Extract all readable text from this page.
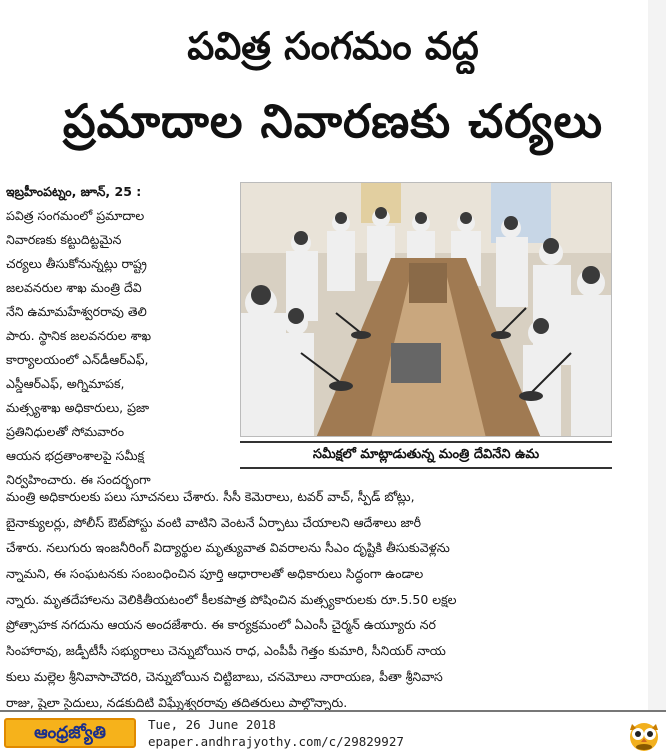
పవిత్ర సంగమం వద్ద
ప్రమాదాల నివారణకు చర్యలు
ఇబ్రహీంపట్నం, జూన్‌, 25 :
పవిత్ర సంగమంలో ప్రమాదాల
నివారణకు కట్టుదిట్టమైన
చర్యలు తీసుకోనున్నట్లు రాష్ట్ర
జలవనరుల శాఖ మంత్రి దేవి
నేని ఉమామహేశ్వరరావు తెలి
పారు. స్థానిక జలవనరుల శాఖ
కార్యాలయంలో ఎన్‌డీఆర్‌ఎఫ్‌,
ఎస్డీఆర్‌ఎఫ్‌, అగ్నిమాపక,
మత్స్యశాఖ అధికారులు, ప్రజా
ప్రతినిధులతో సోమవారం
ఆయన భద్రతాంశాలపై సమీక్ష
నిర్వహించారు. ఈ సందర్భంగా
సమీక్షలో మాట్లాడుతున్న మంత్రి దేవినేని ఉమ
మంత్రి అధికారులకు పలు సూచనలు చేశారు. సీసీ కెమెరాలు, టవర్‌ వాచ్‌, స్పీడ్‌ బోట్లు,
బైనాక్యులర్లు, పోలీస్‌ ఔట్‌పోస్టు వంటి వాటిని వెంటనే ఏర్పాటు చేయాలని ఆదేశాలు జారీ
చేశారు. నలుగురు ఇంజనీరింగ్‌ విద్యార్థుల మృత్యువాత వివరాలను సీఎం దృష్టికి తీసుకువెళ్లను
న్నామని, ఈ సంఘటనకు సంబంధించిన పూర్తి ఆధారాలతో అధికారులు సిద్ధంగా ఉండాల
న్నారు. మృతదేహాలను వెలికితీయటంలో కీలకపాత్ర పోషించిన మత్స్యకారులకు రూ.5.50 లక్షల
ప్రోత్సాహక నగదును ఆయన అందజేశారు. ఈ కార్యక్రమంలో ఏఎంసీ చైర్మన్‌ ఉయ్యూరు నర
సింహారావు, జడ్పీటీసీ సభ్యురాలు చెన్నుబోయిన రాధ, ఎంపీపీ గెత్తం కుమారి, సీనియర్‌ నాయ
కులు మల్లెల శ్రీనివాసాచౌదరి, చెన్నుబోయిన చిట్టిబాబు, చనమోలు నారాయణ, పీతా శ్రీనివాస
రాజు, షైలా సైదులు, నడకుదిటి విఘ్నేశ్వరరావు తదితరులు పాల్గొన్నారు.
ఆంధ్రజ్యోతి	Tue, 26 June 2018
epaper.andhrajyothy.com/c/29829927
